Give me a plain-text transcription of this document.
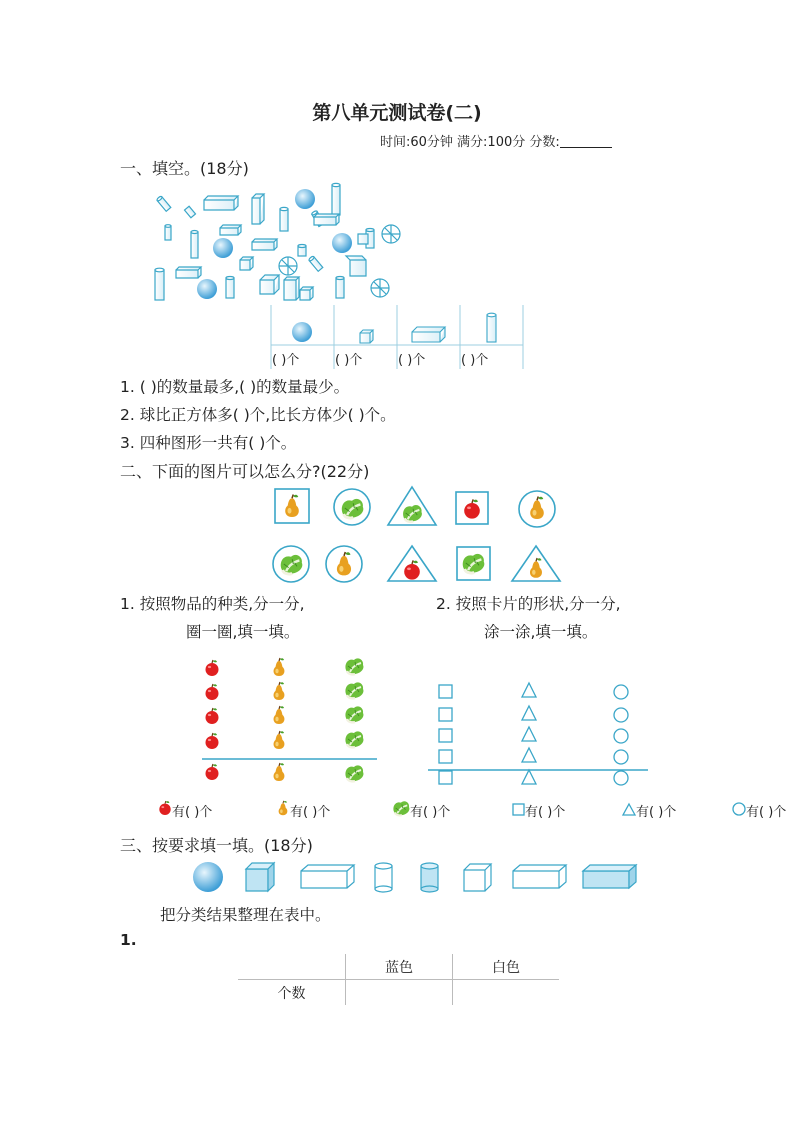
第八单元测试卷(二)
时间:60分钟 满分:100分 分数:
一、填空。(18分)
( )个	( )个	( )个	( )个
1. ( )的数量最多,( )的数量最少。
2. 球比正方体多( )个,比长方体少( )个。
3. 四种图形一共有( )个。
二、下面的图片可以怎么分?(22分)
1. 按照物品的种类,分一分,
圈一圈,填一填。
2. 按照卡片的形状,分一分,
涂一涂,填一填。
有( )个	有( )个	有( )个	有( )个	有( )个	有( )个
三、按要求填一填。(18分)
把分类结果整理在表中。
1.
	蓝色	白色
个数		
